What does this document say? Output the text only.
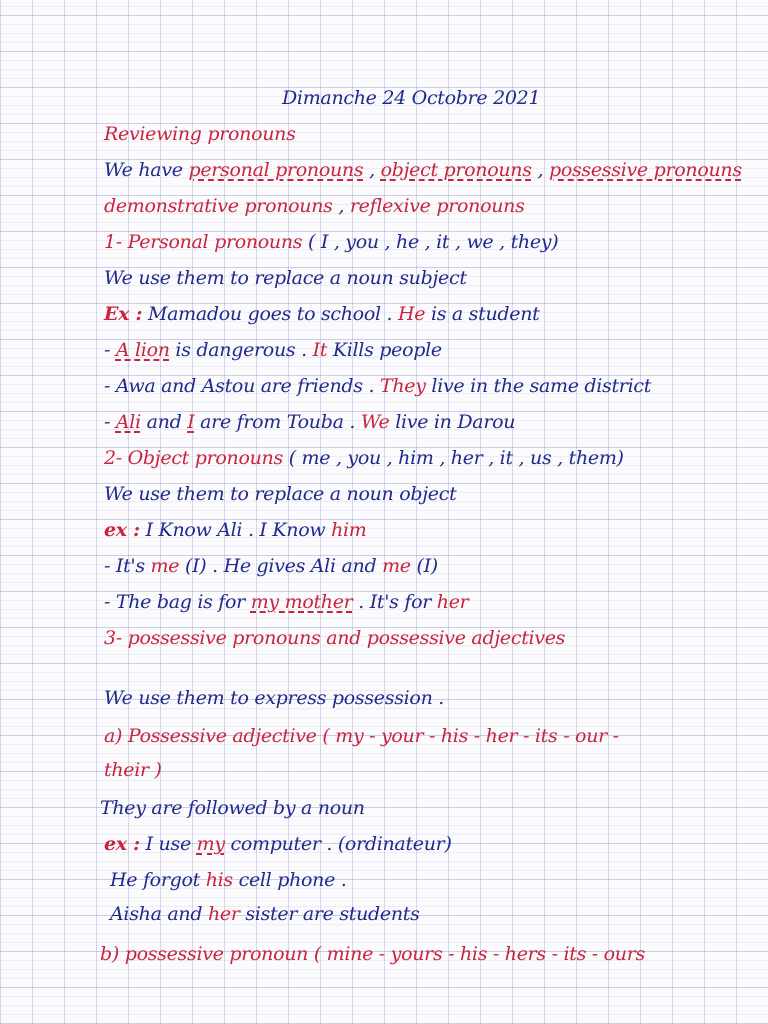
Dimanche 24 Octobre 2021
Reviewing pronouns
We have personal pronouns , object pronouns , possessive pronouns
demonstrative pronouns , reflexive pronouns
1- Personal pronouns ( I , you , he , it , we , they)
We use them to replace a noun subject
Ex : Mamadou goes to school . He is a student
- A lion is dangerous . It Kills people
- Awa and Astou are friends . They live in the same district
- Ali and I are from Touba . We live in Darou
2- Object pronouns ( me , you , him , her , it , us , them)
We use them to replace a noun object
ex : I Know Ali . I Know him
- It's me (I) . He gives Ali and me (I)
- The bag is for my mother . It's for her
3- possessive pronouns and possessive adjectives
We use them to express possession .
a) Possessive adjective ( my - your - his - her - its - our -
their )
They are followed by a noun
ex : I use my computer . (ordinateur)
He forgot his cell phone .
Aisha and her sister are students
b) possessive pronoun ( mine - yours - his - hers - its - ours
